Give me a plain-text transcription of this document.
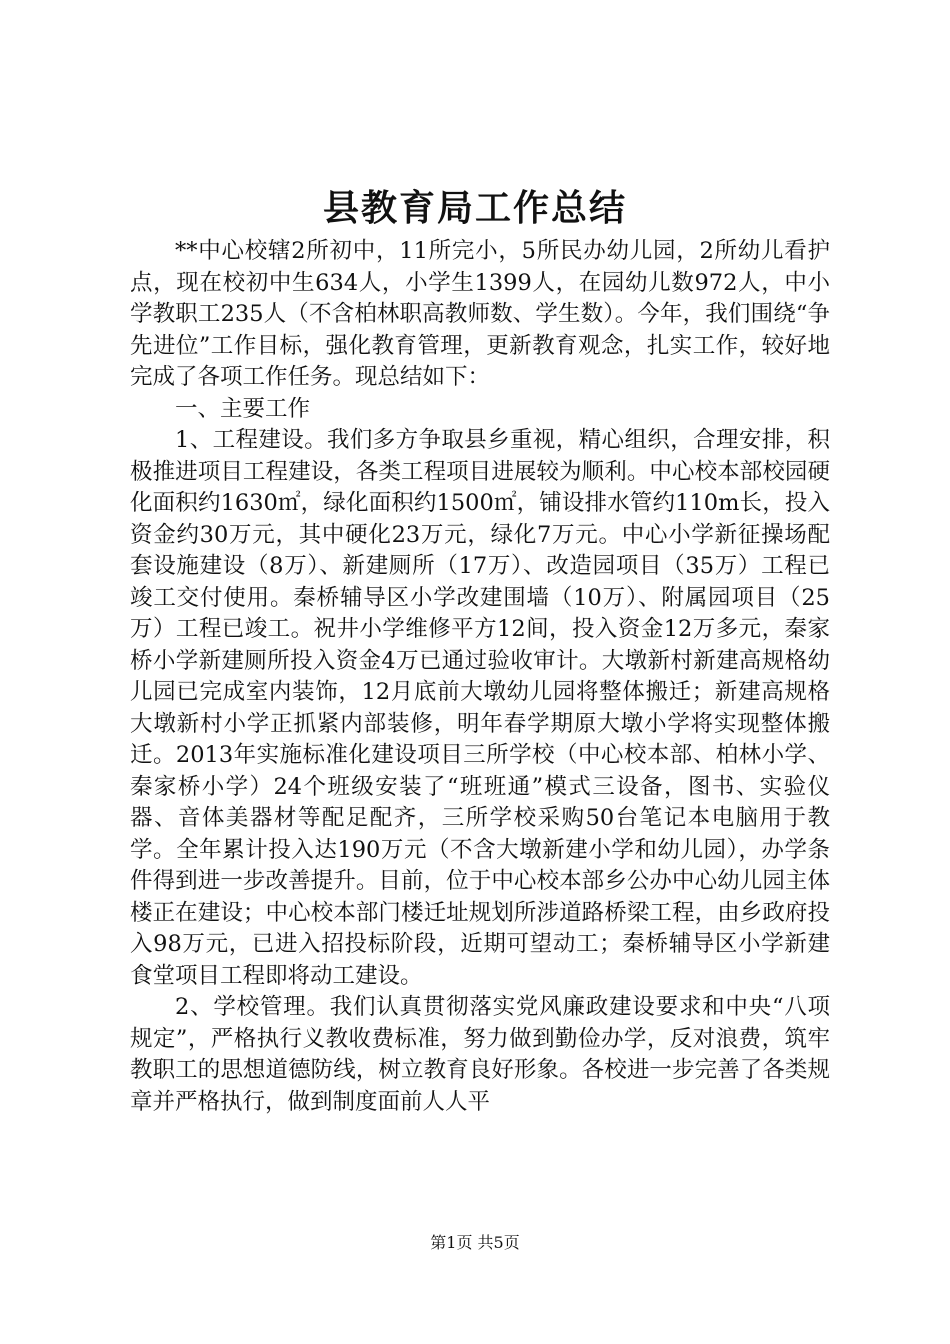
县教育局工作总结

**中心校辖2所初中，11所完小，5所民办幼儿园，2所幼儿看护点，现在校初中生634人，小学生1399人，在园幼儿数972人，中小学教职工235人（不含柏林职高教师数、学生数）。今年，我们围绕“争先进位”工作目标，强化教育管理，更新教育观念，扎实工作，较好地完成了各项工作任务。现总结如下：

一、主要工作

1、工程建设。我们多方争取县乡重视，精心组织，合理安排，积极推进项目工程建设，各类工程项目进展较为顺利。中心校本部校园硬化面积约1630㎡，绿化面积约1500㎡，铺设排水管约110m长，投入资金约30万元，其中硬化23万元，绿化7万元。中心小学新征操场配套设施建设（8万）、新建厕所（17万）、改造园项目（35万）工程已竣工交付使用。秦桥辅导区小学改建围墙（10万）、附属园项目（25万）工程已竣工。祝井小学维修平方12间，投入资金12万多元，秦家桥小学新建厕所投入资金4万已通过验收审计。大墩新村新建高规格幼儿园已完成室内装饰，12月底前大墩幼儿园将整体搬迁；新建高规格大墩新村小学正抓紧内部装修，明年春学期原大墩小学将实现整体搬迁。2013年实施标准化建设项目三所学校（中心校本部、柏林小学、秦家桥小学）24个班级安装了“班班通”模式三设备，图书、实验仪器、音体美器材等配足配齐，三所学校采购50台笔记本电脑用于教学。全年累计投入达190万元（不含大墩新建小学和幼儿园），办学条件得到进一步改善提升。目前，位于中心校本部乡公办中心幼儿园主体楼正在建设；中心校本部门楼迁址规划所涉道路桥梁工程，由乡政府投入98万元，已进入招投标阶段，近期可望动工；秦桥辅导区小学新建食堂项目工程即将动工建设。

2、学校管理。我们认真贯彻落实党风廉政建设要求和中央“八项规定”，严格执行义教收费标准，努力做到勤俭办学，反对浪费，筑牢教职工的思想道德防线，树立教育良好形象。各校进一步完善了各类规章并严格执行，做到制度面前人人平

第1页 共5页
